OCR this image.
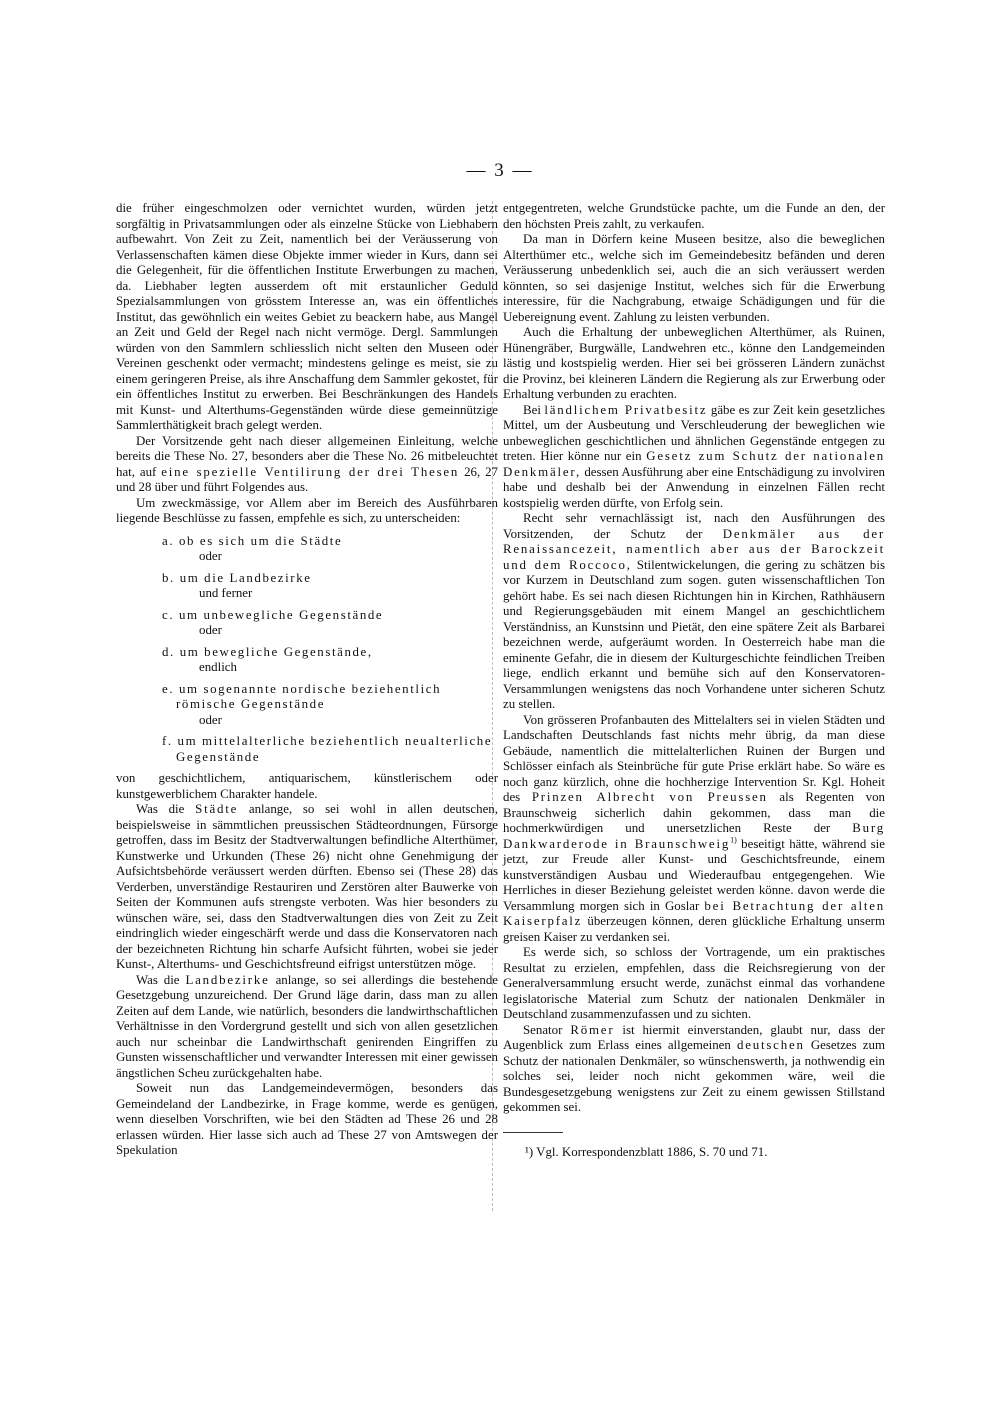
— 3 —

die früher eingeschmolzen oder vernichtet wurden, würden jetzt sorgfältig in Privatsammlungen oder als einzelne Stücke von Liebhabern aufbewahrt. Von Zeit zu Zeit, namentlich bei der Veräusserung von Verlassenschaften kämen diese Objekte immer wieder in Kurs, dann sei die Gelegenheit, für die öffentlichen Institute Erwerbungen zu machen, da. Liebhaber legten ausserdem oft mit erstaunlicher Geduld Spezialsammlungen von grösstem Interesse an, was ein öffentliches Institut, das gewöhnlich ein weites Gebiet zu beackern habe, aus Mangel an Zeit und Geld der Regel nach nicht vermöge. Dergl. Sammlungen würden von den Sammlern schliesslich nicht selten den Museen oder Vereinen geschenkt oder vermacht; mindestens gelinge es meist, sie zu einem geringeren Preise, als ihre Anschaffung dem Sammler gekostet, für ein öffentliches Institut zu erwerben. Bei Beschränkungen des Handels mit Kunst- und Alterthums-Gegenständen würde diese gemeinnützige Sammlerthätigkeit brach gelegt werden.

Der Vorsitzende geht nach dieser allgemeinen Einleitung, welche bereits die These No. 27, besonders aber die These No. 26 mitbeleuchtet hat, auf eine spezielle Ventilirung der drei Thesen 26, 27 und 28 über und führt Folgendes aus.

Um zweckmässige, vor Allem aber im Bereich des Ausführbaren liegende Beschlüsse zu fassen, empfehle es sich, zu unterscheiden:

a. ob es sich um die Städte
oder
b. um die Landbezirke
und ferner
c. um unbewegliche Gegenstände
oder
d. um bewegliche Gegenstände,
endlich
e. um sogenannte nordische beziehentlich römische Gegenstände
oder
f. um mittelalterliche beziehentlich neualterliche Gegenstände

von geschichtlichem, antiquarischem, künstlerischem oder kunstgewerblichem Charakter handele.

Was die Städte anlange, so sei wohl in allen deutschen, beispielsweise in sämmtlichen preussischen Städteordnungen, Fürsorge getroffen, dass im Besitz der Stadtverwaltungen befindliche Alterthümer, Kunstwerke und Urkunden (These 26) nicht ohne Genehmigung der Aufsichtsbehörde veräussert werden dürften. Ebenso sei (These 28) das Verderben, unverständige Restauriren und Zerstören alter Bauwerke von Seiten der Kommunen aufs strengste verboten. Was hier besonders zu wünschen wäre, sei, dass den Stadtverwaltungen dies von Zeit zu Zeit eindringlich wieder eingeschärft werde und dass die Konservatoren nach der bezeichneten Richtung hin scharfe Aufsicht führten, wobei sie jeder Kunst-, Alterthums- und Geschichtsfreund eifrigst unterstützen möge.

Was die Landbezirke anlange, so sei allerdings die bestehende Gesetzgebung unzureichend. Der Grund läge darin, dass man zu allen Zeiten auf dem Lande, wie natürlich, besonders die landwirthschaftlichen Verhältnisse in den Vordergrund gestellt und sich von allen gesetzlichen auch nur scheinbar die Landwirthschaft genirenden Eingriffen zu Gunsten wissenschaftlicher und verwandter Interessen mit einer gewissen ängstlichen Scheu zurückgehalten habe.

Soweit nun das Landgemeindevermögen, besonders das Gemeindeland der Landbezirke, in Frage komme, werde es genügen, wenn dieselben Vorschriften, wie bei den Städten ad These 26 und 28 erlassen würden. Hier lasse sich auch ad These 27 von Amtswegen der Spekulation

entgegentreten, welche Grundstücke pachte, um die Funde an den, der den höchsten Preis zahlt, zu verkaufen.

Da man in Dörfern keine Museen besitze, also die beweglichen Alterthümer etc., welche sich im Gemeindebesitz befänden und deren Veräusserung unbedenklich sei, auch die an sich veräussert werden könnten, so sei dasjenige Institut, welches sich für die Erwerbung interessire, für die Nachgrabung, etwaige Schädigungen und für die Uebereignung event. Zahlung zu leisten verbunden.

Auch die Erhaltung der unbeweglichen Alterthümer, als Ruinen, Hünengräber, Burgwälle, Landwehren etc., könne den Landgemeinden lästig und kostspielig werden. Hier sei bei grösseren Ländern zunächst die Provinz, bei kleineren Ländern die Regierung als zur Erwerbung oder Erhaltung verbunden zu erachten.

Bei ländlichem Privatbesitz gäbe es zur Zeit kein gesetzliches Mittel, um der Ausbeutung und Verschleuderung der beweglichen wie unbeweglichen geschichtlichen und ähnlichen Gegenstände entgegen zu treten. Hier könne nur ein Gesetz zum Schutz der nationalen Denkmäler, dessen Ausführung aber eine Entschädigung zu involviren habe und deshalb bei der Anwendung in einzelnen Fällen recht kostspielig werden dürfte, von Erfolg sein.

Recht sehr vernachlässigt ist, nach den Ausführungen des Vorsitzenden, der Schutz der Denkmäler aus der Renaissancezeit, namentlich aber aus der Barockzeit und dem Roccoco, Stilentwickelungen, die gering zu schätzen bis vor Kurzem in Deutschland zum sogen. guten wissenschaftlichen Ton gehört habe. Es sei nach diesen Richtungen hin in Kirchen, Rathhäusern und Regierungsgebäuden mit einem Mangel an geschichtlichem Verständniss, an Kunstsinn und Pietät, den eine spätere Zeit als Barbarei bezeichnen werde, aufgeräumt worden. In Oesterreich habe man die eminente Gefahr, die in diesem der Kulturgeschichte feindlichen Treiben liege, endlich erkannt und bemühe sich auf den Konservatoren-Versammlungen wenigstens das noch Vorhandene unter sicheren Schutz zu stellen.

Von grösseren Profanbauten des Mittelalters sei in vielen Städten und Landschaften Deutschlands fast nichts mehr übrig, da man diese Gebäude, namentlich die mittelalterlichen Ruinen der Burgen und Schlösser einfach als Steinbrüche für gute Prise erklärt habe. So wäre es noch ganz kürzlich, ohne die hochherzige Intervention Sr. Kgl. Hoheit des Prinzen Albrecht von Preussen als Regenten von Braunschweig sicherlich dahin gekommen, dass man die hochmerkwürdigen und unersetzlichen Reste der Burg Dankwarderode in Braunschweig$^{1)}$ beseitigt hätte, während sie jetzt, zur Freude aller Kunst- und Geschichtsfreunde, einem kunstverständigen Ausbau und Wiederaufbau entgegengehen. Wie Herrliches in dieser Beziehung geleistet werden könne. davon werde die Versammlung morgen sich in Goslar bei Betrachtung der alten Kaiserpfalz überzeugen können, deren glückliche Erhaltung unserm greisen Kaiser zu verdanken sei.

Es werde sich, so schloss der Vortragende, um ein praktisches Resultat zu erzielen, empfehlen, dass die Reichsregierung von der Generalversammlung ersucht werde, zunächst einmal das vorhandene legislatorische Material zum Schutz der nationalen Denkmäler in Deutschland zusammenzufassen und zu sichten.

Senator Römer ist hiermit einverstanden, glaubt nur, dass der Augenblick zum Erlass eines allgemeinen deutschen Gesetzes zum Schutz der nationalen Denkmäler, so wünschenswerth, ja nothwendig ein solches sei, leider noch nicht gekommen wäre, weil die Bundesgesetzgebung wenigstens zur Zeit zu einem gewissen Stillstand gekommen sei.

¹) Vgl. Korrespondenzblatt 1886, S. 70 und 71.
